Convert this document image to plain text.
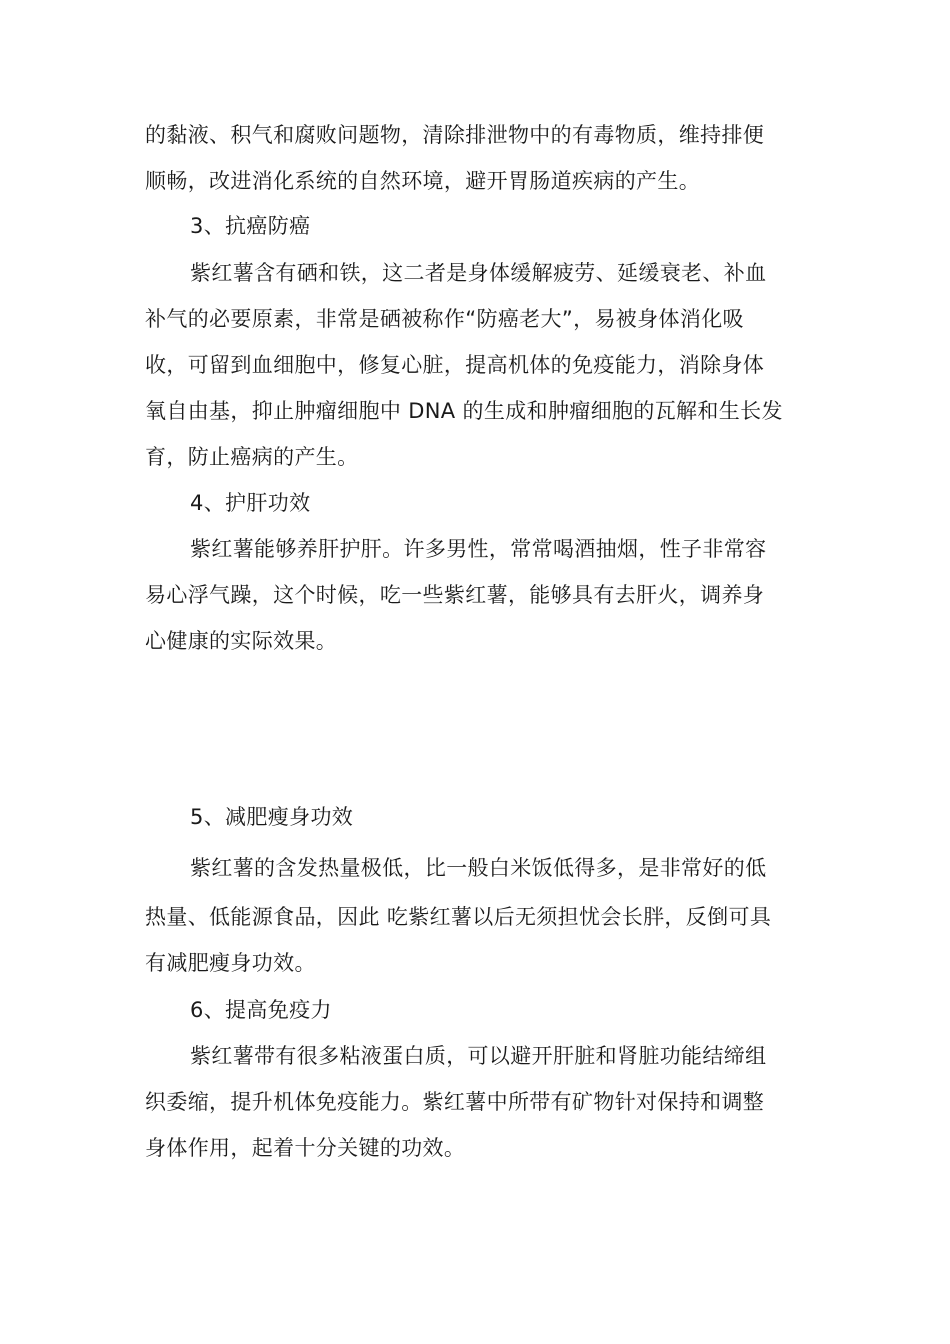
的黏液、积气和腐败问题物，清除排泄物中的有毒物质，维持排便
顺畅，改进消化系统的自然环境，避开胃肠道疾病的产生。
3、抗癌防癌
紫红薯含有硒和铁，这二者是身体缓解疲劳、延缓衰老、补血
补气的必要原素，非常是硒被称作“防癌老大”，易被身体消化吸
收，可留到血细胞中，修复心脏，提高机体的免疫能力，消除身体
氧自由基，抑止肿瘤细胞中 DNA 的生成和肿瘤细胞的瓦解和生长发
育，防止癌病的产生。
4、护肝功效
紫红薯能够养肝护肝。许多男性，常常喝酒抽烟，性子非常容
易心浮气躁，这个时候，吃一些紫红薯，能够具有去肝火，调养身
心健康的实际效果。
5、减肥瘦身功效
紫红薯的含发热量极低，比一般白米饭低得多，是非常好的低
热量、低能源食品，因此 吃紫红薯以后无须担忧会长胖，反倒可具
有减肥瘦身功效。
6、提高免疫力
紫红薯带有很多粘液蛋白质，可以避开肝脏和肾脏功能结缔组
织委缩，提升机体免疫能力。紫红薯中所带有矿物针对保持和调整
身体作用，起着十分关键的功效。
